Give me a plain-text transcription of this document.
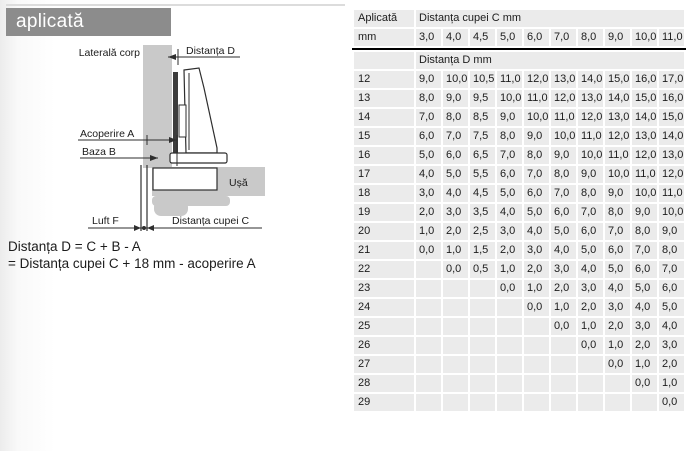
aplicată
Laterală corp	Distanța D
Acoperire A
Baza B
Ușă
Luft F	Distanța cupei C
Distanța D = C + B - A
= Distanța cupei C + 18 mm - acoperire A
Aplicată	Distanța cupei C mm									
mm	3,0	4,0	4,5	5,0	6,0	7,0	8,0	9,0	10,0	11,0
	Distanța D mm									
12	9,0	10,0	10,5	11,0	12,0	13,0	14,0	15,0	16,0	17,0
13	8,0	9,0	9,5	10,0	11,0	12,0	13,0	14,0	15,0	16,0
14	7,0	8,0	8,5	9,0	10,0	11,0	12,0	13,0	14,0	15,0
15	6,0	7,0	7,5	8,0	9,0	10,0	11,0	12,0	13,0	14,0
16	5,0	6,0	6,5	7,0	8,0	9,0	10,0	11,0	12,0	13,0
17	4,0	5,0	5,5	6,0	7,0	8,0	9,0	10,0	11,0	12,0
18	3,0	4,0	4,5	5,0	6,0	7,0	8,0	9,0	10,0	11,0
19	2,0	3,0	3,5	4,0	5,0	6,0	7,0	8,0	9,0	10,0
20	1,0	2,0	2,5	3,0	4,0	5,0	6,0	7,0	8,0	9,0
21	0,0	1,0	1,5	2,0	3,0	4,0	5,0	6,0	7,0	8,0
22		0,0	0,5	1,0	2,0	3,0	4,0	5,0	6,0	7,0
23				0,0	1,0	2,0	3,0	4,0	5,0	6,0
24					0,0	1,0	2,0	3,0	4,0	5,0
25						0,0	1,0	2,0	3,0	4,0
26							0,0	1,0	2,0	3,0
27								0,0	1,0	2,0
28									0,0	1,0
29										0,0
